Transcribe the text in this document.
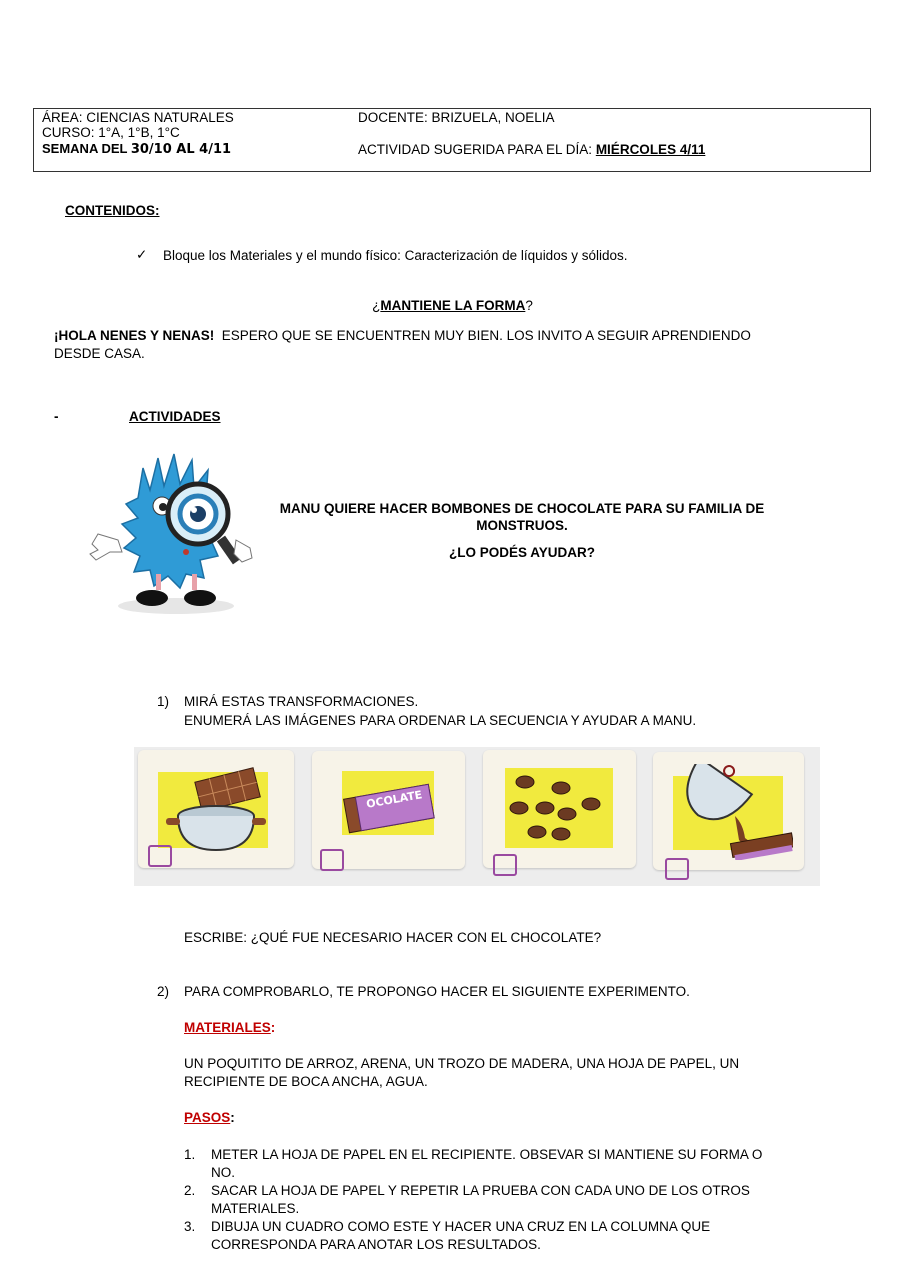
ÁREA: CIENCIAS NATURALES	DOCENTE: BRIZUELA, NOELIA
CURSO: 1°A, 1°B, 1°C
SEMANA DEL 30/10 AL 4/11	ACTIVIDAD SUGERIDA PARA EL DÍA: MIÉRCOLES 4/11
CONTENIDOS:
✓ Bloque los Materiales y el mundo físico: Caracterización de líquidos y sólidos.
¿MANTIENE LA FORMA?
¡HOLA NENES Y NENAS!  ESPERO QUE SE ENCUENTREN MUY BIEN. LOS INVITO A SEGUIR APRENDIENDO
DESDE CASA.
-	ACTIVIDADES
MANU QUIERE HACER BOMBONES DE CHOCOLATE PARA SU FAMILIA DE
MONSTRUOS.
¿LO PODÉS AYUDAR?
1) MIRÁ ESTAS TRANSFORMACIONES.
ENUMERÁ LAS IMÁGENES PARA ORDENAR LA SECUENCIA Y AYUDAR A MANU.
OCOLATE
ESCRIBE: ¿QUÉ FUE NECESARIO HACER CON EL CHOCOLATE?
2) PARA COMPROBARLO, TE PROPONGO HACER EL SIGUIENTE EXPERIMENTO.
MATERIALES:
UN POQUITITO DE ARROZ, ARENA, UN TROZO DE MADERA, UNA HOJA DE PAPEL, UN
RECIPIENTE DE BOCA ANCHA, AGUA.
PASOS:
1. METER LA HOJA DE PAPEL EN EL RECIPIENTE. OBSEVAR SI MANTIENE SU FORMA O
NO.
2. SACAR LA HOJA DE PAPEL Y REPETIR LA PRUEBA CON CADA UNO DE LOS OTROS
MATERIALES.
3. DIBUJA UN CUADRO COMO ESTE Y HACER UNA CRUZ EN LA COLUMNA QUE
CORRESPONDA PARA ANOTAR LOS RESULTADOS.
